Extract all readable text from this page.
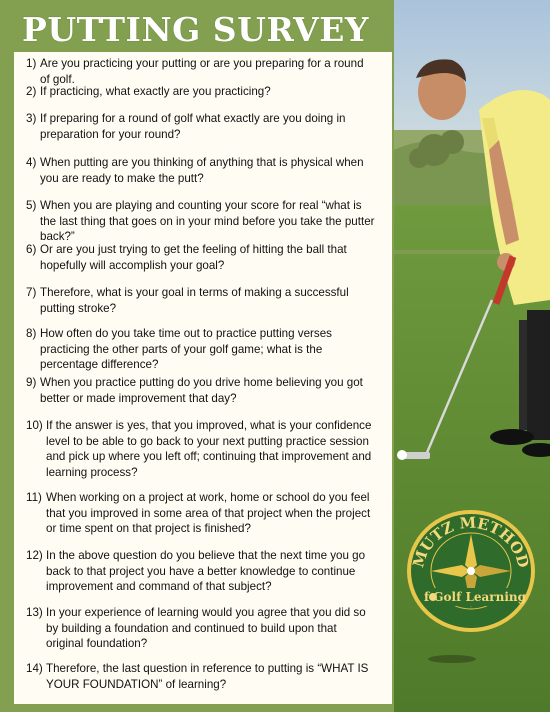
PUTTING SURVEY
1) Are you practicing your putting or are you preparing for a round of golf.
2) If practicing, what exactly are you practicing?
3) If preparing for a round of golf what exactly are you doing in preparation for your round?
4) When putting are you thinking of anything that is physical when you are ready to make the putt?
5) When you are playing and counting your score for real “what is the last thing that goes on in your mind before you take the putter back?”
6) Or are you just trying to get the feeling of hitting the ball that hopefully will accomplish your goal?
7) Therefore, what is your goal in terms of making a successful putting stroke?
8) How often do you take time out to practice putting verses practicing the other parts of your golf game; what is the percentage difference?
9) When you practice putting do you drive home believing you got better or made improvement that day?
10) If the answer is yes, that you improved, what is your confidence level to be able to go back to your next putting practice session and pick up where you left off; continuing that improvement and learning process?
11) When working on a project at work, home or school do you feel that you improved in some area of that project when the project or time spent on that project is finished?
12) In the above question do you believe that the next time you go back to that project you have a better knowledge to continue improvement and command of that subject?
13) In your experience of learning would you agree that you did so by building a foundation and continued to build upon that original foundation?
14) Therefore, the last question in reference to putting is “WHAT IS YOUR FOUNDATION” of learning?
MUTZ METHOD
f Golf Learning
